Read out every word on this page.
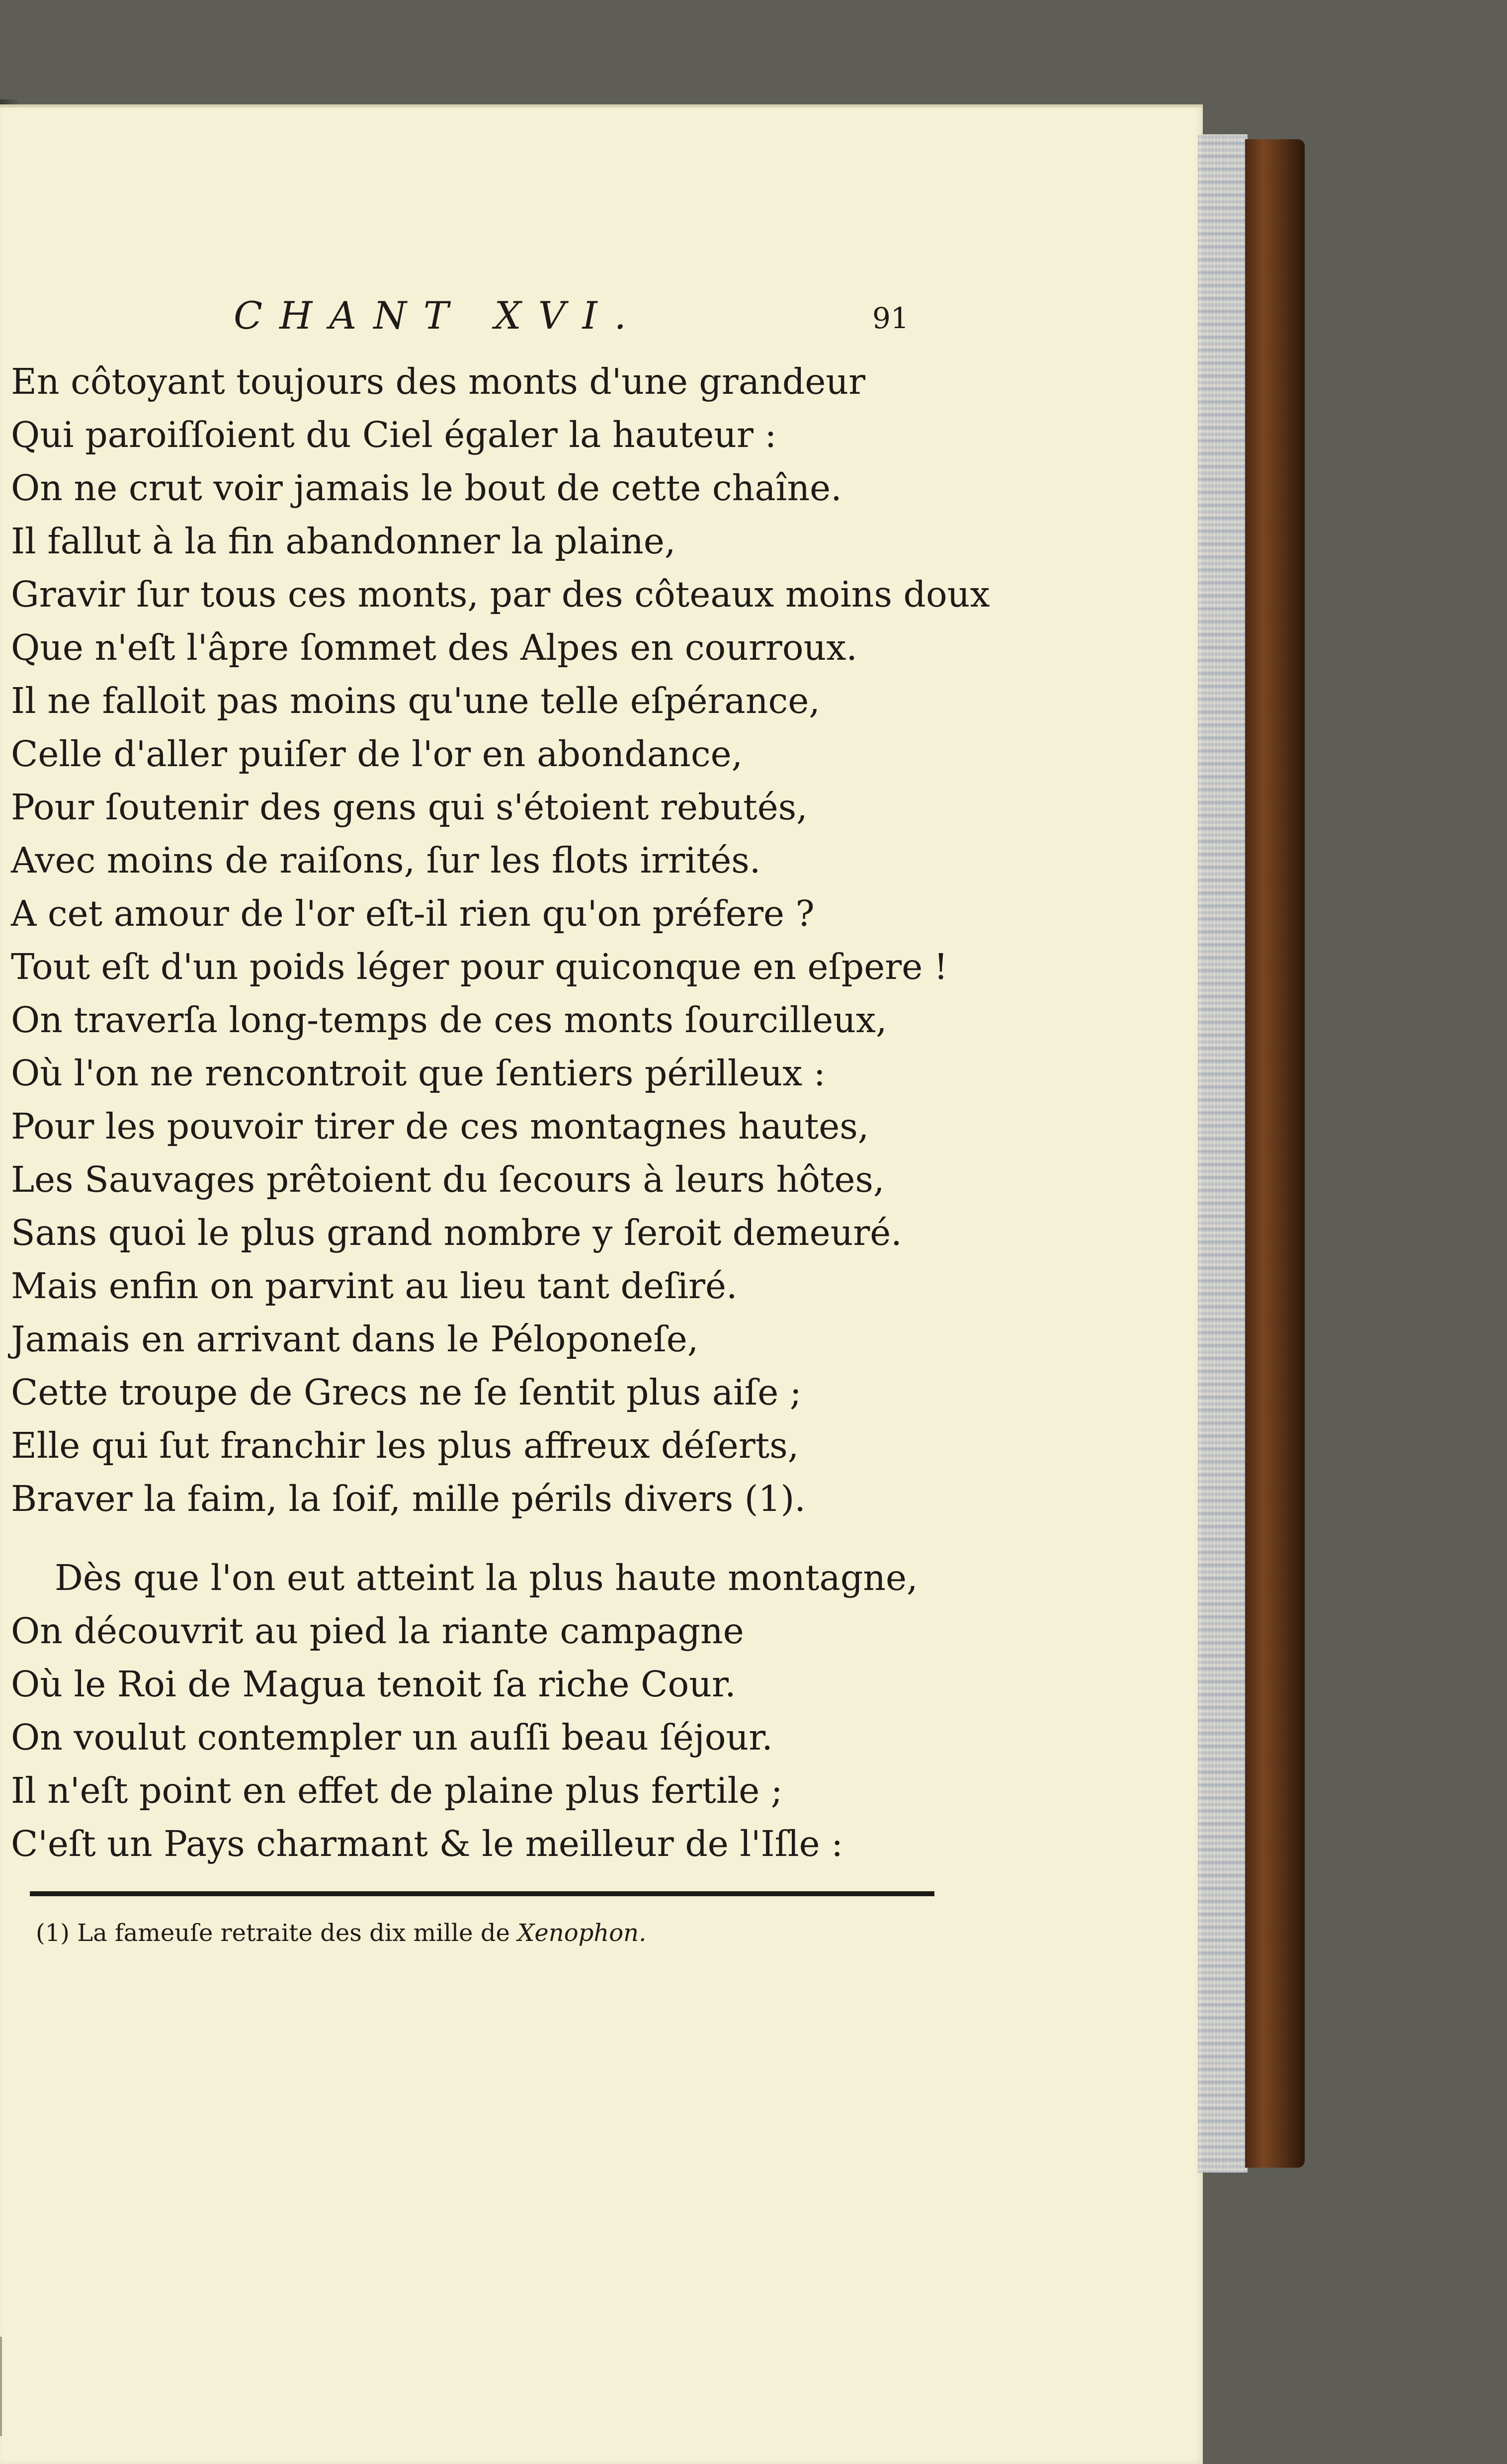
CHANT XVI.	91
En côtoyant toujours des monts d'une grandeur
Qui paroiſſoient du Ciel égaler la hauteur :
On ne crut voir jamais le bout de cette chaîne.
Il fallut à la fin abandonner la plaine,
Gravir ſur tous ces monts, par des côteaux moins doux
Que n'eſt l'âpre ſommet des Alpes en courroux.
Il ne falloit pas moins qu'une telle eſpérance,
Celle d'aller puiſer de l'or en abondance,
Pour ſoutenir des gens qui s'étoient rebutés,
Avec moins de raiſons, ſur les flots irrités.
A cet amour de l'or eſt-il rien qu'on préfere ?
Tout eſt d'un poids léger pour quiconque en eſpere !
On traverſa long-temps de ces monts ſourcilleux,
Où l'on ne rencontroit que ſentiers périlleux :
Pour les pouvoir tirer de ces montagnes hautes,
Les Sauvages prêtoient du ſecours à leurs hôtes,
Sans quoi le plus grand nombre y ſeroit demeuré.
Mais enfin on parvint au lieu tant deſiré.
Jamais en arrivant dans le Péloponeſe,
Cette troupe de Grecs ne ſe ſentit plus aiſe ;
Elle qui ſut franchir les plus affreux déſerts,
Braver la faim, la ſoif, mille périls divers (1).
Dès que l'on eut atteint la plus haute montagne,
On découvrit au pied la riante campagne
Où le Roi de Magua tenoit ſa riche Cour.
On voulut contempler un auſſi beau ſéjour.
Il n'eſt point en effet de plaine plus fertile ;
C'eſt un Pays charmant & le meilleur de l'Iſle :
(1) La fameuſe retraite des dix mille de Xenophon.
